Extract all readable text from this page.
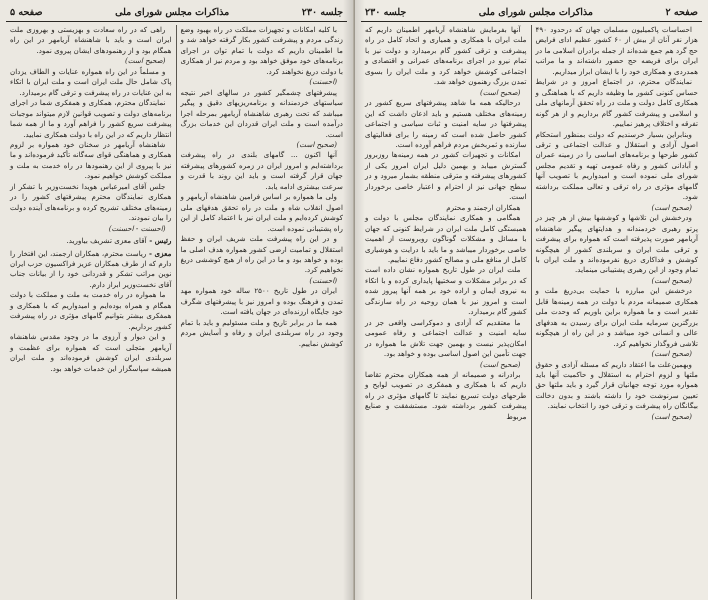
صفحه ۲
مذاکرات مجلس شورای ملی
جلسه ۲۳۰

احساسات پاکمیلیون مسلمان جهان که درحدود ۴۹۰ هزار نفر آنان از بیش از ۶۰ کشور عظیم ادای فرایض حج گرد هم جمع شده‌اند از جمله برادران اسلامی ما در ایران برای فریضه حج حضور داشته‌اند و ما مراتب همدردی و همکاری خود را با ایشان ابراز میداریم.

نمایندگان محترم، در اجتماع امروز و در شرایط حساس کنونی کشور ما وظیفه داریم که با هماهنگی و همکاری کامل دولت و ملت در راه تحقق آرمانهای ملی و اسلامی و پیشرفت کشور گام برداریم و از هر گونه تفرقه و اختلاف پرهیز نماییم.

وبنابراین بسیار خرسندیم که دولت بمنظور استحکام اصول آزادی و استقلال و عدالت اجتماعی و ترقی کشور طرحها و برنامه‌های اساسی را در زمینه عمران و آبادانی کشور و رفاه عمومی تهیه و تقدیم مجلس شورای ملی نموده است و امیدواریم با تصویب آنها گامهای مؤثری در راه ترقی و تعالی مملکت برداشته شود.

(صحیح است)

ودرخشش این تلاشها و کوششها بیش از هر چیز در پرتو رهبری خردمندانه و هدایتهای پیگیر شاهنشاه آریامهر صورت پذیرفته است که همواره برای پیشرفت و ترقی ملت ایران و سربلندی کشور از هیچگونه کوشش و فداکاری دریغ نفرموده‌اند و ملت ایران با تمام وجود از این رهبری پشتیبانی مینماید.

(صحیح است)

درخشش این مبارزه با حمایت بی‌دریغ ملت و همکاری صمیمانه مردم با دولت در همه زمینه‌ها قابل تقدیر است و ما همواره براین باوریم که وحدت ملی بزرگترین سرمایه ملت ایران برای رسیدن به هدفهای عالی و انسانی خود میباشد و در این راه از هیچگونه تلاشی فروگذار نخواهیم کرد.

(صحیح است)

وبهمین‌علت ما اعتقاد داریم که مسئله آزادی و حقوق ملتها و لزوم احترام به استقلال و حاکمیت آنها باید همواره مورد توجه جهانیان قرار گیرد و باید ملتها حق تعیین سرنوشت خود را داشته باشند و بدون دخالت بیگانگان راه پیشرفت و ترقی خود را انتخاب نمایند.

(صحیح است)

آنها بفرمایش شاهنشاه آریامهر اطمینان داریم که ملت ایران با همکاری و همیاری و اتحاد کامل در راه پیشرفت و ترقی کشور گام برمیدارد و دولت نیز با تمام نیرو در اجرای برنامه‌های عمرانی و اقتصادی و اجتماعی کوشش خواهد کرد و ملت ایران را بسوی تمدن بزرگ رهنمون خواهد شد.

(صحیح است)

درحالیکه همه ما شاهد پیشرفتهای سریع کشور در زمینه‌های مختلف هستیم و باید اذعان داشت که این پیشرفتها در سایه امنیت و ثبات سیاسی و اجتماعی کشور حاصل شده است که زمینه را برای فعالیتهای سازنده و ثمربخش مردم فراهم آورده است.

امکانات و تجهیزات کشور در همه زمینه‌ها روزبروز گسترش مییابد و بهمین دلیل ایران امروز یکی از کشورهای پیشرفته و مترقی منطقه بشمار میرود و در سطح جهانی نیز از احترام و اعتبار خاصی برخوردار است.

همکاران ارجمند و محترم

همگامی و همکاری نمایندگان مجلس با دولت و همبستگی کامل ملت ایران در شرایط کنونی که جهان با مسائل و مشکلات گوناگون روبروست از اهمیت خاصی برخوردار میباشد و ما باید با درایت و هوشیاری کامل از منافع ملی و مصالح کشور دفاع نماییم.

ملت ایران در طول تاریخ همواره نشان داده است که در برابر مشکلات و سختیها پایداری کرده و با اتکاء به نیروی ایمان و اراده خود بر همه آنها پیروز شده است و امروز نیز با همان روحیه در راه سازندگی کشور گام برمیدارد.

ما معتقدیم که آزادی و دموکراسی واقعی جز در سایه امنیت و عدالت اجتماعی و رفاه عمومی امکان‌پذیر نیست و بهمین جهت تلاش ما همواره در جهت تأمین این اصول اساسی بوده و خواهد بود.

(صحیح است)

برادرانه و صمیمانه از همه همکاران محترم تقاضا داریم که با همکاری و همفکری در تصویب لوایح و طرحهای دولت تسریع نمایند تا گامهای مؤثری در راه پیشرفت کشور برداشته شود. مستشفقت و صنایع مربوط

جلسه ۲۳۰
مذاکرات مجلس شورای ملی
صفحه ۵

با کلیه امکانات و تجهیزات مملکت در راه بهبود وضع زندگی مردم و پیشرفت کشور بکار گرفته خواهد شد و ما اطمینان داریم که دولت با تمام توان در اجرای برنامه‌های خود موفق خواهد بود و مردم نیز از همکاری با دولت دریغ نخواهند کرد.

(احسنت)

پیشرفتهای چشمگیر کشور در سالهای اخیر نتیجه سیاستهای خردمندانه و برنامه‌ریزیهای دقیق و پیگیر میباشد که تحت رهبری شاهنشاه آریامهر بمرحله اجرا درآمده است و ملت ایران قدردان این خدمات بزرگ است.

(صحیح است)

آنها اکنون ... گامهای بلندی در راه پیشرفت برداشته‌ایم و امروز ایران در زمره کشورهای پیشرفته جهان قرار گرفته است و باید این روند با قدرت و سرعت بیشتری ادامه یابد.

ولی ما همواره بر اساس فرامین شاهنشاه آریامهر و اصول انقلاب شاه و ملت در راه تحقق هدفهای ملی کوشش کرده‌ایم و ملت ایران نیز با اعتماد کامل از این راه پشتیبانی نموده است.

و در این راه پیشرفت ملت شریف ایران و حفظ استقلال و تمامیت ارضی کشور همواره هدف اصلی ما بوده و خواهد بود و ما در این راه از هیچ کوششی دریغ نخواهیم کرد.

(احسنت)

ایران در طول تاریخ ۲۵۰۰ ساله خود همواره مهد تمدن و فرهنگ بوده و امروز نیز با پیشرفتهای شگرف خود جایگاه ارزنده‌ای در جهان یافته است.

همه ما در برابر تاریخ و ملت مسئولیم و باید با تمام وجود در راه سربلندی ایران و رفاه و آسایش مردم کوشش نماییم.

راهی که در راه سعادت و بهزیستی و بهروزی ملت ایران است و باید با شاهنشاه آریامهر در این راه همگام بود و از رهنمودهای ایشان پیروی نمود.

(صحیح است)

و مسلماً در این راه همواره عنایات و الطاف یزدان پاک شامل حال ملت ایران است و ملت ایران با اتکاء به این عنایات در راه پیشرفت و ترقی گام برمیدارد.

نمایندگان محترم، همکاری و همفکری شما در اجرای برنامه‌های دولت و تصویب قوانین لازم میتواند موجبات پیشرفت سریع کشور را فراهم آورد و ما از همه شما انتظار داریم که در این راه با دولت همکاری نمایید.

شاهنشاه آریامهر در سخنان خود همواره بر لزوم همکاری و هماهنگی قوای سه‌گانه تأکید فرموده‌اند و ما نیز با پیروی از این رهنمودها در راه خدمت به ملت و مملکت کوشش خواهیم نمود.

جلس آقای امیرعباس هویدا نخست‌وزیر با تشکر از همکاری نمایندگان محترم پیشرفتهای کشور را در زمینه‌های مختلف تشریح کرده و برنامه‌های آینده دولت را بیان نمودند.

(احسنت - احسنت)

رئیس - آقای معزی تشریف بیاورید.

معزی - ریاست محترم، همکاران ارجمند، این افتخار را دارم که از طرف همکاران عزیز فراکسیون حزب ایران نوین مراتب تشکر و قدردانی خود را از بیانات جناب آقای نخست‌وزیر ابراز دارم.

ما همواره در راه خدمت به ملت و مملکت با دولت همگام و همراه بوده‌ایم و امیدواریم که با همکاری و همفکری بیشتر بتوانیم گامهای مؤثری در راه پیشرفت کشور برداریم.

و این دیوار و آرزوی ما در وجود مقدس شاهنشاه آریامهر متجلی است که همواره برای عظمت و سربلندی ایران کوشش فرموده‌اند و ملت ایران همیشه سپاسگزار این خدمات خواهد بود.
